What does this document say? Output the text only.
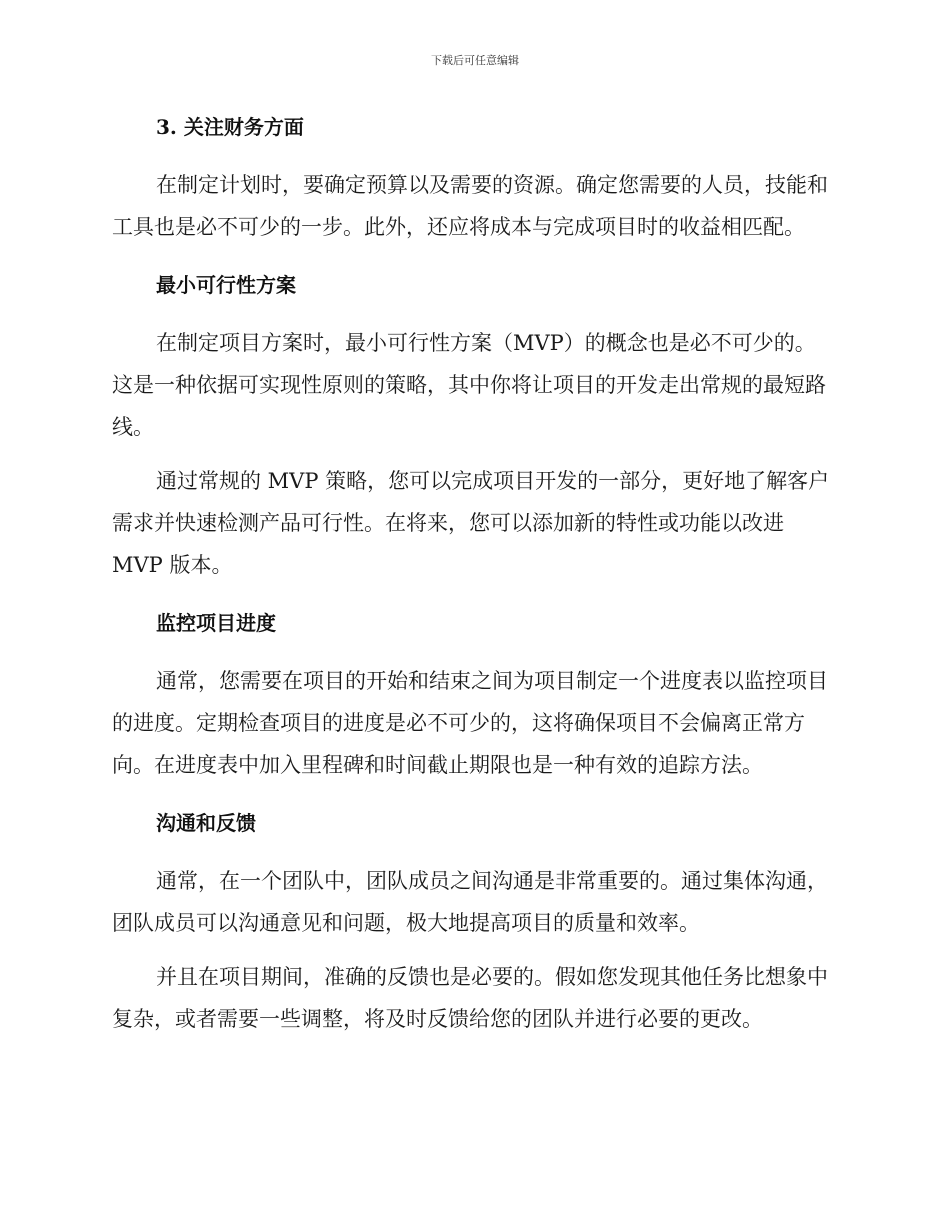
下载后可任意编辑
3. 关注财务方面

在制定计划时，要确定预算以及需要的资源。确定您需要的人员，技能和工具也是必不可少的一步。此外，还应将成本与完成项目时的收益相匹配。

最小可行性方案

在制定项目方案时，最小可行性方案（MVP）的概念也是必不可少的。这是一种依据可实现性原则的策略，其中你将让项目的开发走出常规的最短路线。

通过常规的 MVP 策略，您可以完成项目开发的一部分，更好地了解客户需求并快速检测产品可行性。在将来，您可以添加新的特性或功能以改进 MVP 版本。

监控项目进度

通常，您需要在项目的开始和结束之间为项目制定一个进度表以监控项目的进度。定期检查项目的进度是必不可少的，这将确保项目不会偏离正常方向。在进度表中加入里程碑和时间截止期限也是一种有效的追踪方法。

沟通和反馈

通常，在一个团队中，团队成员之间沟通是非常重要的。通过集体沟通，团队成员可以沟通意见和问题，极大地提高项目的质量和效率。

并且在项目期间，准确的反馈也是必要的。假如您发现其他任务比想象中复杂，或者需要一些调整，将及时反馈给您的团队并进行必要的更改。
